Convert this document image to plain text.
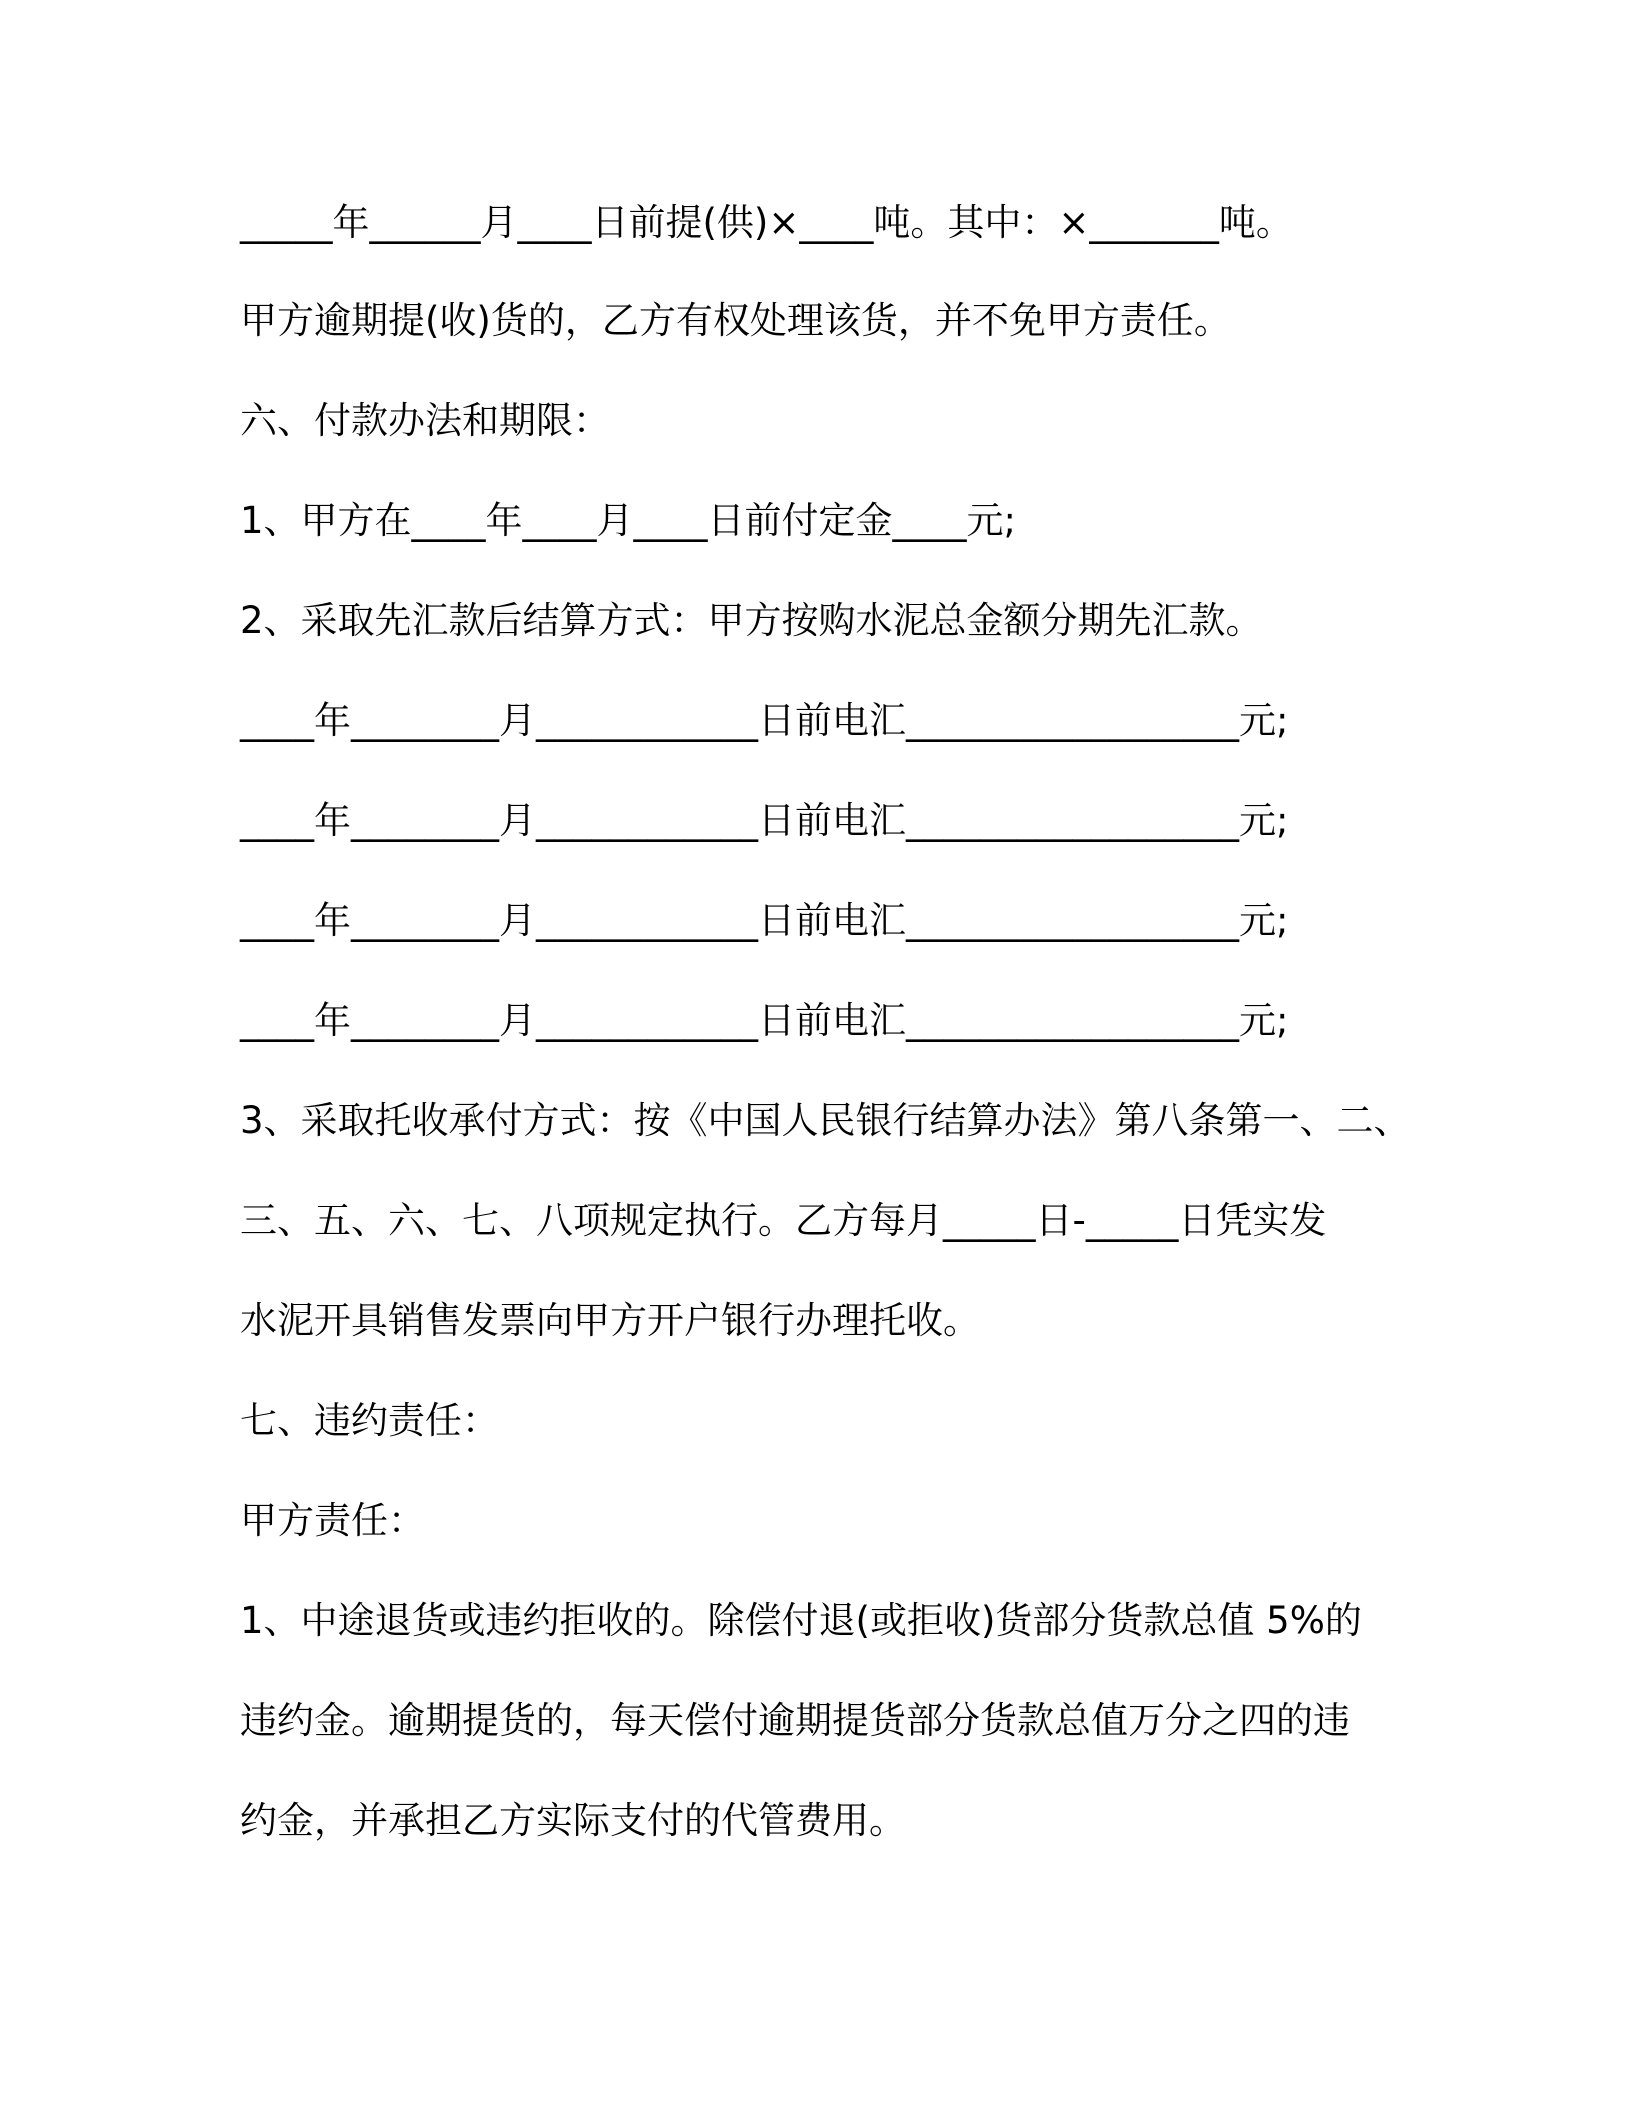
_____年______月____日前提(供)×____吨。其中：×_______吨。
甲方逾期提(收)货的，乙方有权处理该货，并不免甲方责任。
六、付款办法和期限：
1、甲方在____年____月____日前付定金____元;
2、采取先汇款后结算方式：甲方按购水泥总金额分期先汇款。
____年________月____________日前电汇__________________元;
____年________月____________日前电汇__________________元;
____年________月____________日前电汇__________________元;
____年________月____________日前电汇__________________元;
3、采取托收承付方式：按《中国人民银行结算办法》第八条第一、二、
三、五、六、七、八项规定执行。乙方每月_____日-_____日凭实发
水泥开具销售发票向甲方开户银行办理托收。
七、违约责任：
甲方责任：
1、中途退货或违约拒收的。除偿付退(或拒收)货部分货款总值 5%的
违约金。逾期提货的，每天偿付逾期提货部分货款总值万分之四的违
约金，并承担乙方实际支付的代管费用。
